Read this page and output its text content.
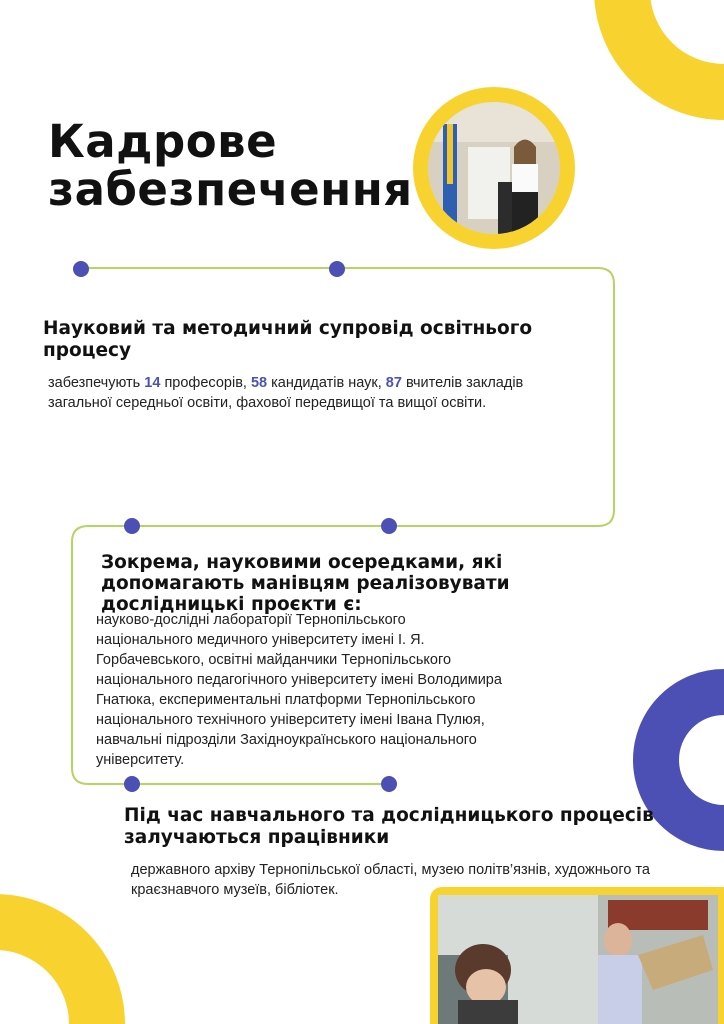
Кадрове
забезпечення
Науковий та методичний супровід освітнього процесу
забезпечують 14 професорів, 58 кандидатів наук, 87 вчителів закладів загальної середньої освіти, фахової передвищої та вищої освіти.
Зокрема, науковими осередками, які допомагають манівцям реалізовувати дослідницькі проєкти є:
науково-дослідні лабораторії Тернопільського національного медичного університету імені І. Я. Горбачевського, освітні майданчики Тернопільського національного педагогічного університету імені Володимира Гнатюка, експериментальні платформи Тернопільського національного технічного університету імені Івана Пулюя, навчальні підрозділи Західноукраїнського національного університету.
Під час навчального та дослідницького процесів залучаються працівники
державного архіву Тернопільської області, музею політв’язнів, художнього та краєзнавчого музеїв, бібліотек.
